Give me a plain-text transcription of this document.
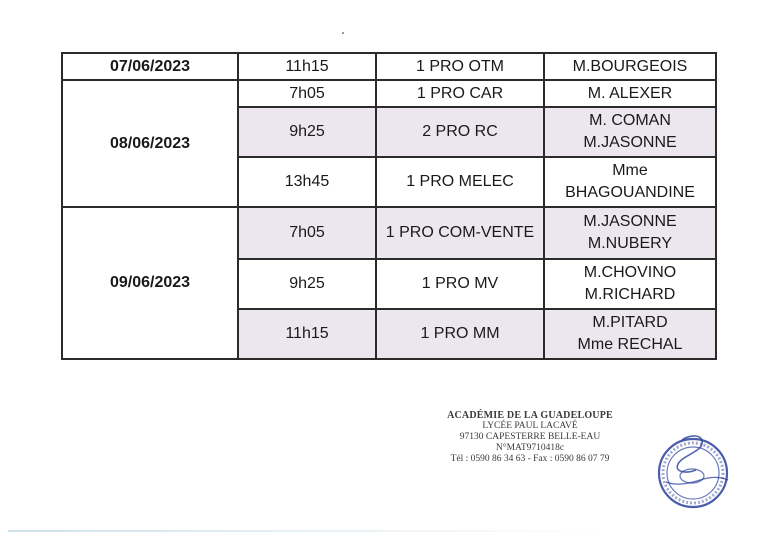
07/06/2023	11h15	1 PRO OTM	M.BOURGEOIS
08/06/2023	7h05	1 PRO CAR	M. ALEXER
	9h25	2 PRO RC	M. COMAN
M.JASONNE

	13h45	1 PRO MELEC	Mme
BHAGOUANDINE

09/06/2023	7h05	1 PRO COM-VENTE	M.JASONNE
M.NUBERY

	9h25	1 PRO MV	M.CHOVINO
M.RICHARD

	11h15	1 PRO MM	M.PITARD
Mme RECHAL
ACADÉMIE DE LA GUADELOUPE
LYCÉE PAUL LACAVÉ
97130 CAPESTERRE BELLE-EAU
N°MAT9710418c
Tél : 0590 86 34 63 - Fax : 0590 86 07 79
